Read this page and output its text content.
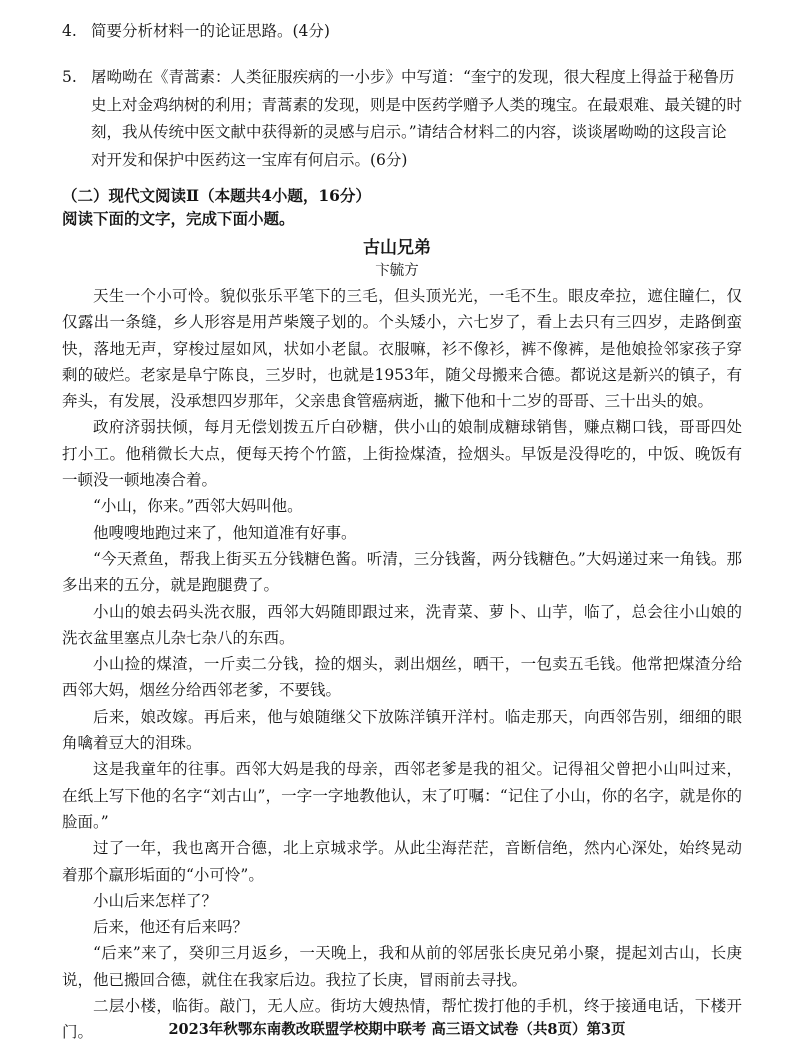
4. 简要分析材料一的论证思路。(4分)
5. 屠呦呦在《青蒿素：人类征服疾病的一小步》中写道：“奎宁的发现，很大程度上得益于秘鲁历史上对金鸡纳树的利用；青蒿素的发现，则是中医药学赠予人类的瑰宝。在最艰难、最关键的时刻，我从传统中医文献中获得新的灵感与启示。”请结合材料二的内容，谈谈屠呦呦的这段言论对开发和保护中医药这一宝库有何启示。(6分)
（二）现代文阅读Ⅱ（本题共4小题，16分）
阅读下面的文字，完成下面小题。
古山兄弟
卞毓方

天生一个小可怜。貌似张乐平笔下的三毛，但头顶光光，一毛不生。眼皮牵拉，遮住瞳仁，仅仅露出一条缝，乡人形容是用芦柴篾子划的。个头矮小，六七岁了，看上去只有三四岁，走路倒蛮快，落地无声，穿梭过屋如风，状如小老鼠。衣服嘛，衫不像衫，裤不像裤，是他娘捡邻家孩子穿剩的破烂。老家是阜宁陈良，三岁时，也就是1953年，随父母搬来合德。都说这是新兴的镇子，有奔头，有发展，没承想四岁那年，父亲患食管癌病逝，撇下他和十二岁的哥哥、三十出头的娘。

政府济弱扶倾，每月无偿划拨五斤白砂糖，供小山的娘制成糖球销售，赚点糊口钱，哥哥四处打小工。他稍微长大点，便每天挎个竹篮，上街捡煤渣，捡烟头。早饭是没得吃的，中饭、晚饭有一顿没一顿地凑合着。

“小山，你来。”西邻大妈叫他。

他嗖嗖地跑过来了，他知道准有好事。

“今天煮鱼，帮我上街买五分钱糖色酱。听清，三分钱酱，两分钱糖色。”大妈递过来一角钱。那多出来的五分，就是跑腿费了。

小山的娘去码头洗衣服，西邻大妈随即跟过来，洗青菜、萝卜、山芋，临了，总会往小山娘的洗衣盆里塞点儿杂七杂八的东西。

小山捡的煤渣，一斤卖二分钱，捡的烟头，剥出烟丝，晒干，一包卖五毛钱。他常把煤渣分给西邻大妈，烟丝分给西邻老爹，不要钱。

后来，娘改嫁。再后来，他与娘随继父下放陈洋镇开洋村。临走那天，向西邻告别，细细的眼角噙着豆大的泪珠。

这是我童年的往事。西邻大妈是我的母亲，西邻老爹是我的祖父。记得祖父曾把小山叫过来，在纸上写下他的名字“刘古山”，一字一字地教他认，末了叮嘱：“记住了小山，你的名字，就是你的脸面。”

过了一年，我也离开合德，北上京城求学。从此尘海茫茫，音断信绝，然内心深处，始终晃动着那个羸形垢面的“小可怜”。

小山后来怎样了？

后来，他还有后来吗？

“后来”来了，癸卯三月返乡，一天晚上，我和从前的邻居张长庚兄弟小聚，提起刘古山，长庚说，他已搬回合德，就住在我家后边。我拉了长庚，冒雨前去寻找。

二层小楼，临街。敲门，无人应。街坊大嫂热情，帮忙拨打他的手机，终于接通电话，下楼开门。	2023年秋鄂东南教改联盟学校期中联考 高三语文试卷（共8页）第3页
